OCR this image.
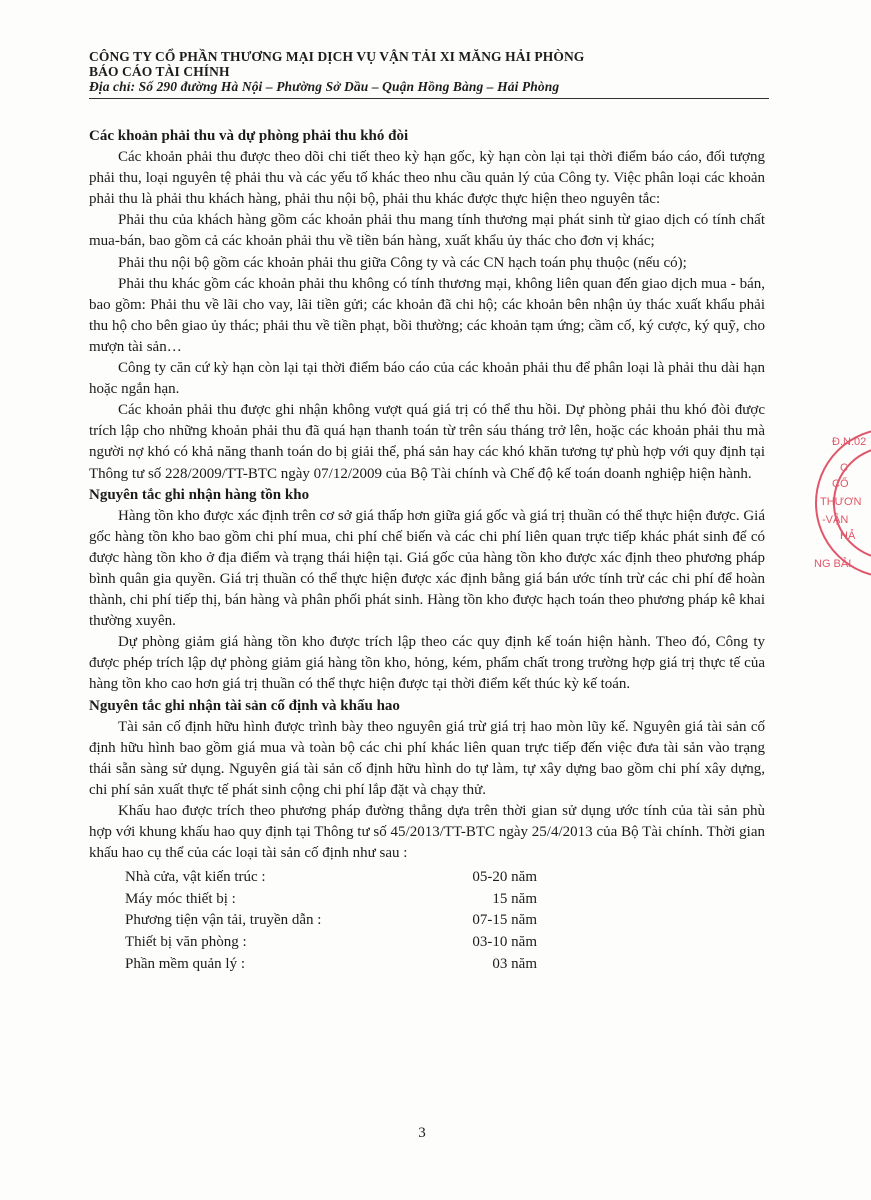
CÔNG TY CỔ PHẦN THƯƠNG MẠI DỊCH VỤ VẬN TẢI XI MĂNG HẢI PHÒNG
BÁO CÁO TÀI CHÍNH
Địa chỉ: Số 290 đường Hà Nội – Phường Sở Dầu – Quận Hồng Bàng – Hải Phòng

Các khoản phải thu và dự phòng phải thu khó đòi

Các khoản phải thu được theo dõi chi tiết theo kỳ hạn gốc, kỳ hạn còn lại tại thời điểm báo cáo, đối tượng phải thu, loại nguyên tệ phải thu và các yếu tố khác theo nhu cầu quản lý của Công ty. Việc phân loại các khoản phải thu là phải thu khách hàng, phải thu nội bộ, phải thu khác được thực hiện theo nguyên tắc:

Phải thu của khách hàng gồm các khoản phải thu mang tính thương mại phát sinh từ giao dịch có tính chất mua-bán, bao gồm cả các khoản phải thu về tiền bán hàng, xuất khẩu ủy thác cho đơn vị khác;

Phải thu nội bộ gồm các khoản phải thu giữa Công ty và các CN hạch toán phụ thuộc (nếu có);

Phải thu khác gồm các khoản phải thu không có tính thương mại, không liên quan đến giao dịch mua - bán, bao gồm: Phải thu về lãi cho vay, lãi tiền gửi; các khoản đã chi hộ; các khoản bên nhận ủy thác xuất khẩu phải thu hộ cho bên giao ủy thác; phải thu về tiền phạt, bồi thường; các khoản tạm ứng; cầm cố, ký cược, ký quỹ, cho mượn tài sản…

Công ty căn cứ kỳ hạn còn lại tại thời điểm báo cáo của các khoản phải thu để phân loại là phải thu dài hạn hoặc ngắn hạn.

Các khoản phải thu được ghi nhận không vượt quá giá trị có thể thu hồi. Dự phòng phải thu khó đòi được trích lập cho những khoản phải thu đã quá hạn thanh toán từ trên sáu tháng trở lên, hoặc các khoản phải thu mà người nợ khó có khả năng thanh toán do bị giải thể, phá sản hay các khó khăn tương tự phù hợp với quy định tại Thông tư số 228/2009/TT-BTC ngày 07/12/2009 của Bộ Tài chính và Chế độ kế toán doanh nghiệp hiện hành.

Nguyên tắc ghi nhận hàng tồn kho

Hàng tồn kho được xác định trên cơ sở giá thấp hơn giữa giá gốc và giá trị thuần có thể thực hiện được. Giá gốc hàng tồn kho bao gồm chi phí mua, chi phí chế biến và các chi phí liên quan trực tiếp khác phát sinh để có được hàng tồn kho ở địa điểm và trạng thái hiện tại. Giá gốc của hàng tồn kho được xác định theo phương pháp bình quân gia quyền. Giá trị thuần có thể thực hiện được xác định bằng giá bán ước tính trừ các chi phí để hoàn thành, chi phí tiếp thị, bán hàng và phân phối phát sinh. Hàng tồn kho được hạch toán theo phương pháp kê khai thường xuyên.

Dự phòng giảm giá hàng tồn kho được trích lập theo các quy định kế toán hiện hành. Theo đó, Công ty được phép trích lập dự phòng giảm giá hàng tồn kho, hỏng, kém, phẩm chất trong trường hợp giá trị thực tế của hàng tồn kho cao hơn giá trị thuần có thể thực hiện được tại thời điểm kết thúc kỳ kế toán.

Nguyên tắc ghi nhận tài sản cố định và khấu hao

Tài sản cố định hữu hình được trình bày theo nguyên giá trừ giá trị hao mòn lũy kế. Nguyên giá tài sản cố định hữu hình bao gồm giá mua và toàn bộ các chi phí khác liên quan trực tiếp đến việc đưa tài sản vào trạng thái sẵn sàng sử dụng. Nguyên giá tài sản cố định hữu hình do tự làm, tự xây dựng bao gồm chi phí xây dựng, chi phí sản xuất thực tế phát sinh cộng chi phí lắp đặt và chạy thử.

Khấu hao được trích theo phương pháp đường thẳng dựa trên thời gian sử dụng ước tính của tài sản phù hợp với khung khấu hao quy định tại Thông tư số 45/2013/TT-BTC ngày 25/4/2013 của Bộ Tài chính. Thời gian khấu hao cụ thể của các loại tài sản cố định như sau :

Nhà cửa, vật kiến trúc :	05-20 năm
Máy móc thiết bị :	15 năm
Phương tiện vận tải, truyền dẫn :	07-15 năm
Thiết bị văn phòng :	03-10 năm
Phần mềm quản lý :	03 năm
3
Đ.N:02
C
CỔ
THƯƠN
-VẬN
HẢ
NG BẢI
